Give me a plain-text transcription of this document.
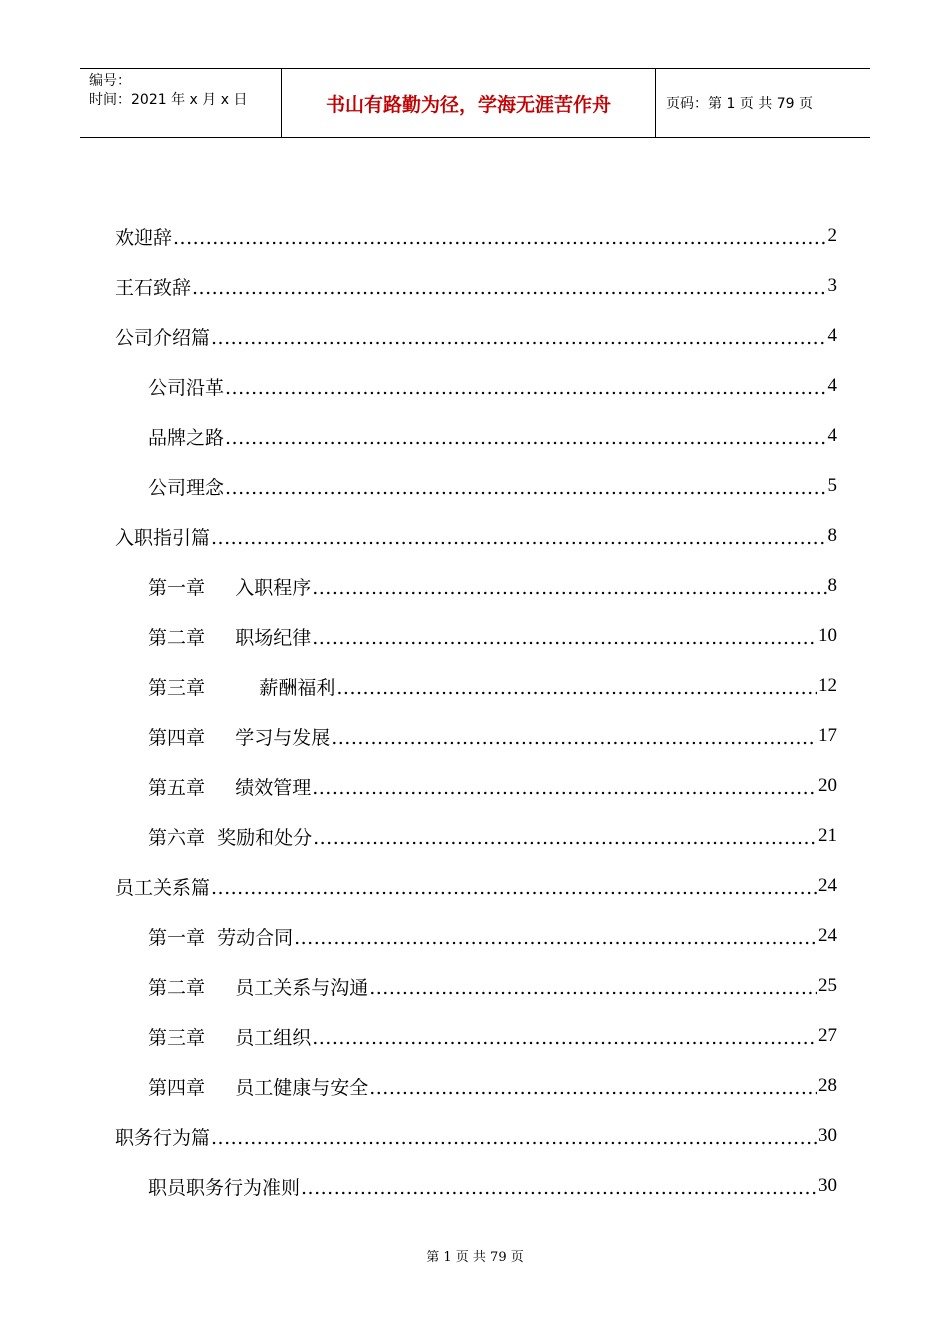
编号：
时间：2021 年 x 月 x 日	书山有路勤为径，学海无涯苦作舟	页码：第 1 页 共 79 页
欢迎辞 .....	2
王石致辞 .....	3
公司介绍篇 .....	4
公司沿革 .....	4
品牌之路 .....	4
公司理念 .....	5
入职指引篇 .....	8
第一章     入职程序 .....	8
第二章     职场纪律 .....	10
第三章         薪酬福利 .....	12
第四章     学习与发展 .....	17
第五章     绩效管理 .....	20
第六章  奖励和处分 .....	21
员工关系篇 .....	24
第一章  劳动合同 .....	24
第二章     员工关系与沟通 .....	25
第三章     员工组织 .....	27
第四章     员工健康与安全 .....	28
职务行为篇 .....	30
职员职务行为准则 .....	30
第 1 页 共 79 页
